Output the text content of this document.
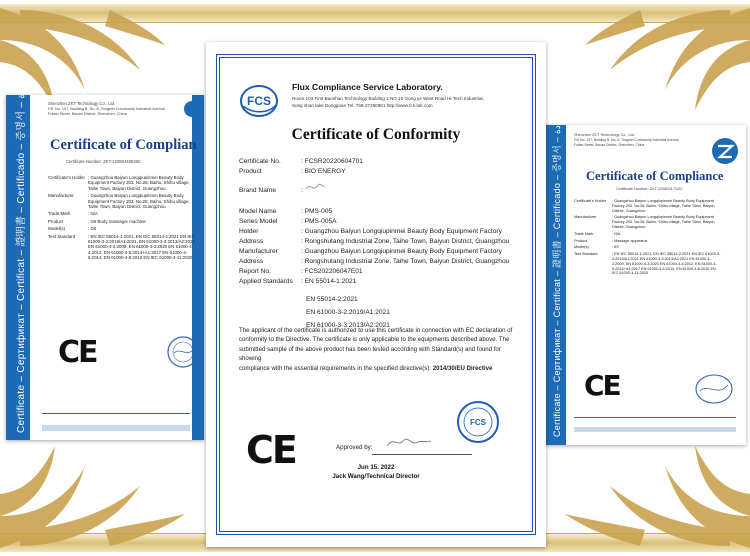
Certificate – Сертификат – Certificat – 證明書 – Certificado – 증명서 – شهادة
Shenzhen ZKT Technology Co., Ltd.
F/E No. 197, Building B, No. 8, Tongwei Community Industrial Avenue,
Futian Street, Baoan District, Shenzhen, China
Certificate of Complian
Certificate Number: ZKT-22080448536C
Certificate's Holder : Guangzhou Baiyun Longqiupinmei Beauty Body Equipment Factory 203, No.28, Baihu, Shihu village, Taihe Town, Baiyun District, Guangzhou
Manufacturer	: Guangzhou Baiyun Longqiupinmei Beauty Body Equipment Factory 203, No.28, Baihu, Shihu village, Taihe Town, Baiyun District, Guangzhou
Trade Mark	: N/A
Product	: G5 Body massager machine
Model(s)	: G5
Test Standard	: EN IEC 55014-1:2021, EN IEC 55014-2:2021 EN IEC 61000-3-2:2019/A1:2021, EN 61000-3-3:2013/A2:2021 EN 61000-4-2:2009, EN 61000-4-3:2020 EN 61000-4-4:2012, EN 61000-4-5:2014+A1:2017 EN 61000-4-6:2014, EN 61000-4-8:2010 EN IEC 61000-4-11:2020
CE	Certificate – Сертификат – Certificat – 證明書 – Certificado – 증명서 – شهادة
Shenzhen ZKT Technology Co., Ltd.
F/E No. 197, Building B, No. 8, Tongwei Community Industrial Avenue,
Futian Street, Baoan District, Shenzhen, China
Certificate of Compliance
Certificate Number: ZKT-220803171I2C
Certificate's Holder	: Guangzhou Baiyun Longqiupinmei Beauty Body Equipment Factory 203, No.28, Baihu, Shihu village, Taihe Town, Baiyun District, Guangzhou
Manufacturer	: Guangzhou Baiyun Longqiupinmei Beauty Body Equipment Factory 203, No.28, Baihu, Shihu village, Taihe Town, Baiyun District, Guangzhou
Trade Mark	: N/A
Product	: Massage apparatus
Model(s)	: 6S
Test Standard	: EN IEC 55014-1:2021, EN IEC 55014-2:2021 EN IEC 61000-3-2:2019/A1:2021 EN 61000-3-3:2013/A2:2021 EN 61000-4-2:2009, EN 61000-4-3:2020 EN 61000-4-4:2012, EN 61000-4-5:2014+A1:2017 EN 61000-4-6:2014, EN 61000-4-8:2010 EN IEC 61000-4-11:2020
CE
FCS
Flux Compliance Service Laboratory.
Room 103 First Baoshao Technology Building 1 NO.15 Gong ye West Road Hi-Tech Industrial,
Song shan lake Dongguan Tel: 769-27280901 http://www.fcs-lab.com
Certificate of Conformity
Certificate No.	: FCSR20220604701
Product	: BIO ENERGY
Brand Name	:
Model Name	: PMS-005
Series Model	: PMS-005A
Holder	: Guangzhou Baiyun Longqiupinmei Beauty Body Equipment Factory
Address	: Rongshutang Industrial Zone, Taihe Town, Baiyun District, Guangzhou
Manufacturer	: Guangzhou Baiyun Longqiupinmei Beauty Body Equipment Factory
Address	: Rongshutang Industrial Zone, Taihe Town, Baiyun District, Guangzhou
Report No.	: FCS202206047E01
Applied Standards : EN 55014-1:2021
EN 55014-2:2021
EN 61000-3-2:2019/A1:2021
EN 61000-3-3:2013/A2:2021
The applicant of the certificate is authorized to use this certificate in connection with EC declaration of
conformity to the Directive. The certificate is only applicable to the equipments described above. The
submitted sample of the above product has been tested according with Standard(s) and found for showing
compliance with the essential requirements in the specified directive(s): 2014/30/EU Directive
FCS
CE	Approved by:
Jun 15. 2022
Jack Wang/Technical Director
